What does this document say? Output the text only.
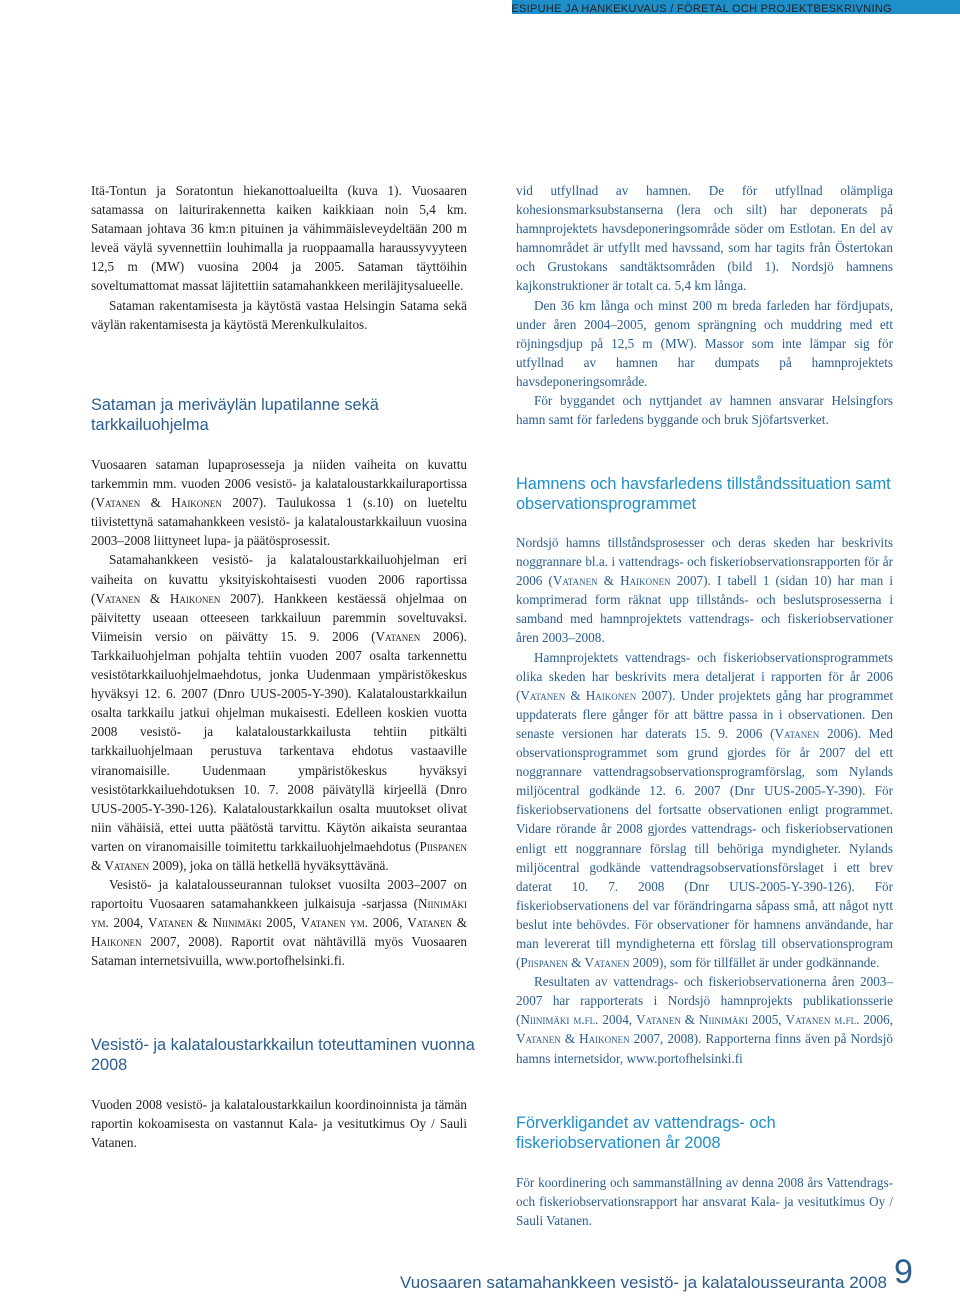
ESIPUHE JA HANKEKUVAUS / FÖRETAL OCH PROJEKTBESKRIVNING

Itä-Tontun ja Soratontun hiekanottoalueilta (kuva 1). Vuosaaren satamassa on laiturirakennetta kaiken kaikkiaan noin 5,4 km. Satamaan johtava 36 km:n pituinen ja vähimmäisleveydeltään 200 m leveä väylä syvennettiin louhimalla ja ruoppaamalla haraussyvyyteen 12,5 m (MW) vuosina 2004 ja 2005. Sataman täyttöihin soveltumattomat massat läjitettiin satamahankkeen meriläjitysalueelle.

Sataman rakentamisesta ja käytöstä vastaa Helsingin Satama sekä väylän rakentamisesta ja käytöstä Merenkulkulaitos.

Sataman ja meriväylän lupatilanne sekä tarkkailuohjelma

Vuosaaren sataman lupaprosesseja ja niiden vaiheita on kuvattu tarkemmin mm. vuoden 2006 vesistö- ja kalataloustarkkailuraportissa (Vatanen & Haikonen 2007). Taulukossa 1 (s.10) on lueteltu tiivistettynä satamahankkeen vesistö- ja kalataloustarkkailuun vuosina 2003–2008 liittyneet lupa- ja päätösprosessit.

Satamahankkeen vesistö- ja kalataloustarkkailuohjelman eri vaiheita on kuvattu yksityiskohtaisesti vuoden 2006 raportissa (Vatanen & Haikonen 2007). Hankkeen kestäessä ohjelmaa on päivitetty useaan otteeseen tarkkailuun paremmin soveltuvaksi. Viimeisin versio on päivätty 15. 9. 2006 (Vatanen 2006). Tarkkailuohjelman pohjalta tehtiin vuoden 2007 osalta tarkennettu vesistötarkkailuohjelmaehdotus, jonka Uudenmaan ympäristökeskus hyväksyi 12. 6. 2007 (Dnro UUS-2005-Y-390). Kalataloustarkkailun osalta tarkkailu jatkui ohjelman mukaisesti. Edelleen koskien vuotta 2008 vesistö- ja kalataloustarkkailusta tehtiin pitkälti tarkkailuohjelmaan perustuva tarkentava ehdotus vastaaville viranomaisille. Uudenmaan ympäristökeskus hyväksyi vesistötarkkailuehdotuksen 10. 7. 2008 päivätyllä kirjeellä (Dnro UUS-2005-Y-390-126). Kalataloustarkkailun osalta muutokset olivat niin vähäisiä, ettei uutta päätöstä tarvittu. Käytön aikaista seurantaa varten on viranomaisille toimitettu tarkkailuohjelmaehdotus (Piispanen & Vatanen 2009), joka on tällä hetkellä hyväksyttävänä.

Vesistö- ja kalatalousseurannan tulokset vuosilta 2003–2007 on raportoitu Vuosaaren satamahankkeen julkaisuja -sarjassa (Niinimäki ym. 2004, Vatanen & Niinimäki 2005, Vatanen ym. 2006, Vatanen & Haikonen 2007, 2008). Raportit ovat nähtävillä myös Vuosaaren Sataman internetsivuilla, www.portofhelsinki.fi.

Vesistö- ja kalataloustarkkailun toteuttaminen vuonna 2008

Vuoden 2008 vesistö- ja kalataloustarkkailun koordinoinnista ja tämän raportin kokoamisesta on vastannut Kala- ja vesitutkimus Oy / Sauli Vatanen.

vid utfyllnad av hamnen. De för utfyllnad olämpliga kohesionsmarksubstanserna (lera och silt) har deponerats på hamnprojektets havsdeponeringsområde söder om Estlotan. En del av hamnområdet är utfyllt med havssand, som har tagits från Östertokan och Grustokans sandtäktsområden (bild 1). Nordsjö hamnens kajkonstruktioner är totalt ca. 5,4 km långa.

Den 36 km långa och minst 200 m breda farleden har fördjupats, under åren 2004–2005, genom sprängning och muddring med ett röjningsdjup på 12,5 m (MW). Massor som inte lämpar sig för utfyllnad av hamnen har dumpats på hamnprojektets havsdeponeringsområde.

För byggandet och nyttjandet av hamnen ansvarar Helsingfors hamn samt för farledens byggande och bruk Sjöfartsverket.

Hamnens och havsfarledens tillståndssituation samt observationsprogrammet

Nordsjö hamns tillståndsprosesser och deras skeden har beskrivits noggrannare bl.a. i vattendrags- och fiskeriobservationsrapporten för år 2006 (Vatanen & Haikonen 2007). I tabell 1 (sidan 10) har man i komprimerad form räknat upp tillstånds- och beslutsprosesserna i samband med hamnprojektets vattendrags- och fiskeriobservationer åren 2003–2008.

Hamnprojektets vattendrags- och fiskeriobservationsprogrammets olika skeden har beskrivits mera detaljerat i rapporten för år 2006 (Vatanen & Haikonen 2007). Under projektets gång har programmet uppdaterats flere gånger för att bättre passa in i observationen. Den senaste versionen har daterats 15. 9. 2006 (Vatanen 2006). Med observationsprogrammet som grund gjordes för år 2007 del ett noggrannare vattendragsobservationsprogramförslag, som Nylands miljöcentral godkände 12. 6. 2007 (Dnr UUS-2005-Y-390). För fiskeriobservationens del fortsatte observationen enligt programmet. Vidare rörande år 2008 gjordes vattendrags- och fiskeriobservationen enligt ett noggrannare förslag till behöriga myndigheter. Nylands miljöcentral godkände vattendragsobservationsförslaget i ett brev daterat 10. 7. 2008 (Dnr UUS-2005-Y-390-126). För fiskeriobservationens del var förändringarna såpass små, att något nytt beslut inte behövdes. För observationer för hamnens användande, har man levererat till myndigheterna ett förslag till observationsprogram (Piispanen & Vatanen 2009), som för tillfället är under godkännande.

Resultaten av vattendrags- och fiskeriobservationerna åren 2003–2007 har rapporterats i Nordsjö hamnprojekts publikationsserie (Niinimäki m.fl. 2004, Vatanen & Niinimäki 2005, Vatanen m.fl. 2006, Vatanen & Haikonen 2007, 2008). Rapporterna finns även på Nordsjö hamns internetsidor, www.portofhelsinki.fi

Förverkligandet av vattendrags- och fiskeriobservationen år 2008

För koordinering och sammanställning av denna 2008 års Vattendrags- och fiskeriobservationsrapport har ansvarat Kala- ja vesitutkimus Oy / Sauli Vatanen.

Vuosaaren satamahankkeen vesistö- ja kalatalousseuranta 2008 9
